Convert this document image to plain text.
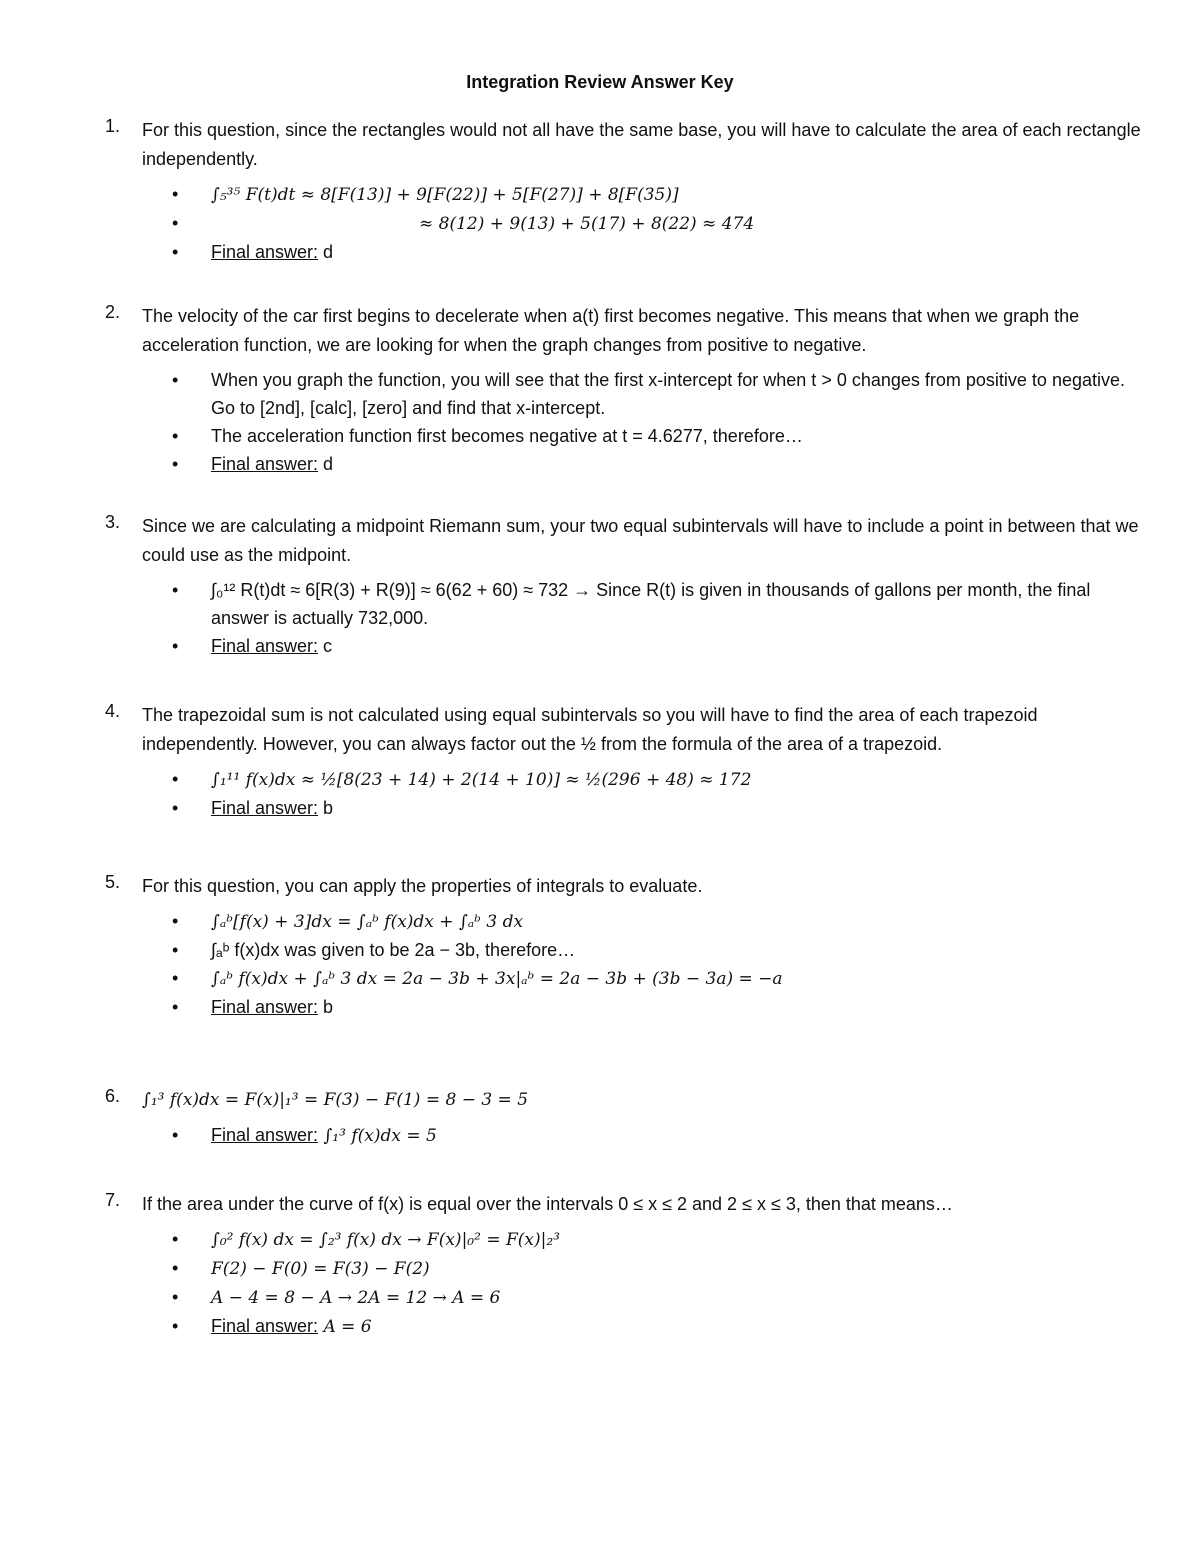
Integration Review Answer Key
1.	For this question, since the rectangles would not all have the same base, you will have to calculate the area of each rectangle independently.
• ∫₅³⁵ F(t)dt ≈ 8[F(13)] + 9[F(22)] + 5[F(27)] + 8[F(35)]
• ≈ 8(12) + 9(13) + 5(17) + 8(22) ≈ 474
• Final answer: d
2.	The velocity of the car first begins to decelerate when a(t) first becomes negative. This means that when we graph the acceleration function, we are looking for when the graph changes from positive to negative.
• When you graph the function, you will see that the first x-intercept for when t > 0 changes from positive to negative. Go to [2nd], [calc], [zero] and find that x-intercept.
• The acceleration function first becomes negative at t = 4.6277, therefore…
• Final answer: d
3.	Since we are calculating a midpoint Riemann sum, your two equal subintervals will have to include a point in between that we could use as the midpoint.
• ∫₀¹² R(t)dt ≈ 6[R(3) + R(9)] ≈ 6(62 + 60) ≈ 732 → Since R(t) is given in thousands of gallons per month, the final answer is actually 732,000.
• Final answer: c
4.	The trapezoidal sum is not calculated using equal subintervals so you will have to find the area of each trapezoid independently. However, you can always factor out the ½ from the formula of the area of a trapezoid.
• ∫₁¹¹ f(x)dx ≈ ½[8(23 + 14) + 2(14 + 10)] ≈ ½(296 + 48) ≈ 172
• Final answer: b
5.	For this question, you can apply the properties of integrals to evaluate.
• ∫ₐᵇ[f(x) + 3]dx = ∫ₐᵇ f(x)dx + ∫ₐᵇ 3 dx
• ∫ₐᵇ f(x)dx was given to be 2a − 3b, therefore…
• ∫ₐᵇ f(x)dx + ∫ₐᵇ 3 dx = 2a − 3b + 3x|ₐᵇ = 2a − 3b + (3b − 3a) = −a
• Final answer: b
6.	∫₁³ f(x)dx = F(x)|₁³ = F(3) − F(1) = 8 − 3 = 5
• Final answer: ∫₁³ f(x)dx = 5
7.	If the area under the curve of f(x) is equal over the intervals 0 ≤ x ≤ 2 and 2 ≤ x ≤ 3, then that means…
• ∫₀² f(x) dx = ∫₂³ f(x) dx → F(x)|₀² = F(x)|₂³
• F(2) − F(0) = F(3) − F(2)
• A − 4 = 8 − A → 2A = 12 → A = 6
• Final answer: A = 6
